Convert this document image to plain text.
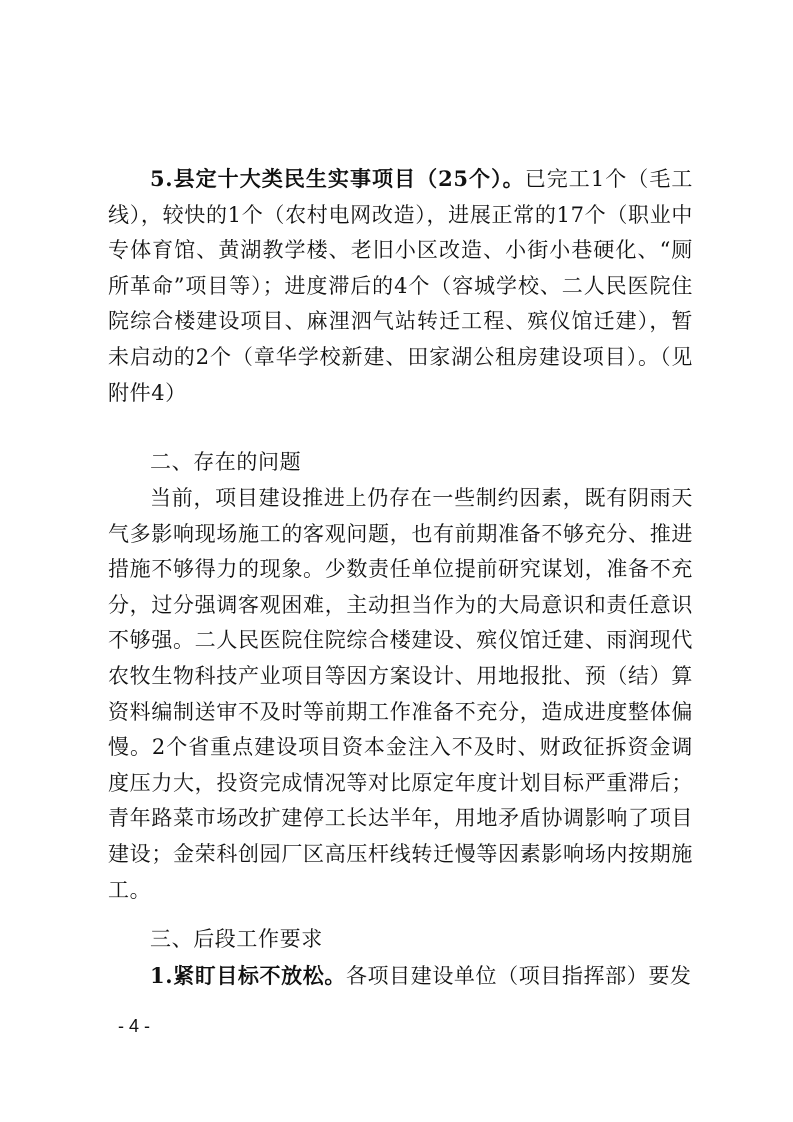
5.县定十大类民生实事项目（25个）。已完工1个（毛工线），较快的1个（农村电网改造），进展正常的17个（职业中专体育馆、黄湖教学楼、老旧小区改造、小街小巷硬化、“厕所革命”项目等）；进度滞后的4个（容城学校、二人民医院住院综合楼建设项目、麻浬泗气站转迁工程、殡仪馆迁建），暂未启动的2个（章华学校新建、田家湖公租房建设项目）。（见附件4）
二、存在的问题
当前，项目建设推进上仍存在一些制约因素，既有阴雨天气多影响现场施工的客观问题，也有前期准备不够充分、推进措施不够得力的现象。少数责任单位提前研究谋划，准备不充分，过分强调客观困难，主动担当作为的大局意识和责任意识不够强。二人民医院住院综合楼建设、殡仪馆迁建、雨润现代农牧生物科技产业项目等因方案设计、用地报批、预（结）算资料编制送审不及时等前期工作准备不充分，造成进度整体偏慢。2个省重点建设项目资本金注入不及时、财政征拆资金调度压力大，投资完成情况等对比原定年度计划目标严重滞后；青年路菜市场改扩建停工长达半年，用地矛盾协调影响了项目建设；金荣科创园厂区高压杆线转迁慢等因素影响场内按期施工。
三、后段工作要求
1.紧盯目标不放松。各项目建设单位（项目指挥部）要发
- 4 -
